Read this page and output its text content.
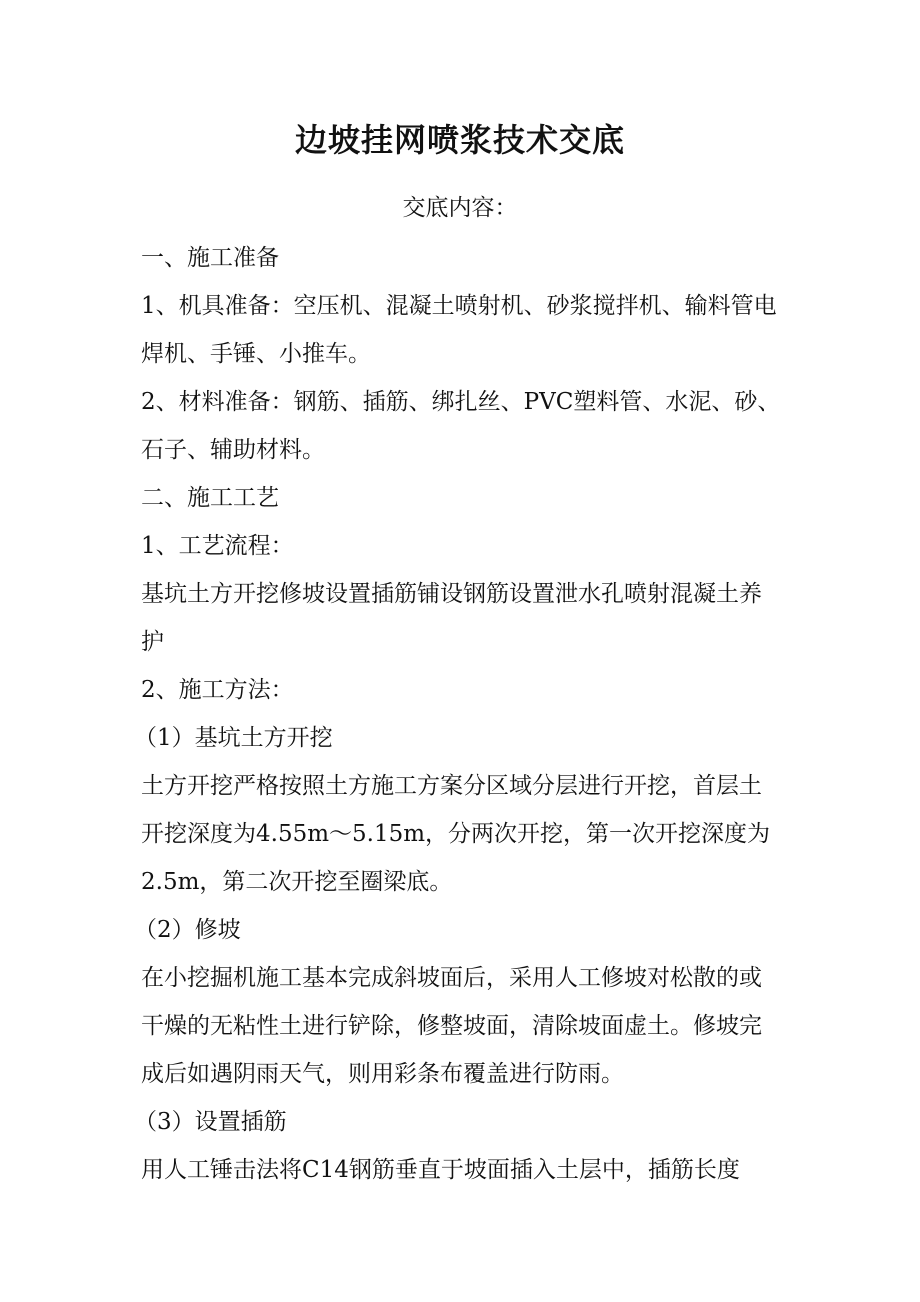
边坡挂网喷浆技术交底
交底内容：

一、施工准备

1、机具准备：空压机、混凝土喷射机、砂浆搅拌机、输料管电焊机、手锤、小推车。

2、材料准备：钢筋、插筋、绑扎丝、PVC塑料管、水泥、砂、石子、辅助材料。

二、施工工艺

1、工艺流程：

基坑土方开挖修坡设置插筋铺设钢筋设置泄水孔喷射混凝土养护

2、施工方法：

（1）基坑土方开挖

土方开挖严格按照土方施工方案分区域分层进行开挖，首层土开挖深度为4.55m～5.15m，分两次开挖，第一次开挖深度为2.5m，第二次开挖至圈梁底。

（2）修坡

在小挖掘机施工基本完成斜坡面后，采用人工修坡对松散的或干燥的无粘性土进行铲除，修整坡面，清除坡面虚土。修坡完成后如遇阴雨天气，则用彩条布覆盖进行防雨。

（3）设置插筋

用人工锤击法将C14钢筋垂直于坡面插入土层中，插筋长度
